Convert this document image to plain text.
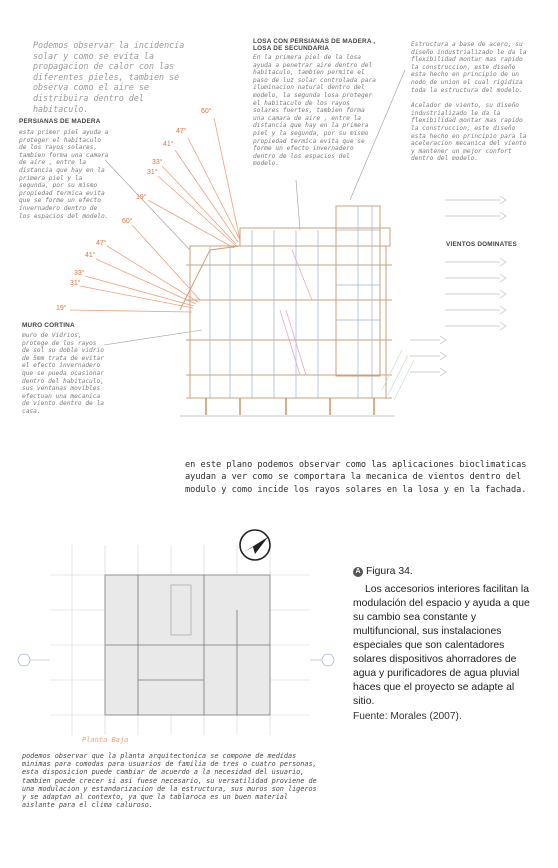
Podemos observar la incidencia solar y como se evita la propagacion de calor con las diferentes pieles, tambien se observa como el aire se distribuira dentro del habitaculo.
PERSIANAS DE MADERA
esta primer piel ayuda a proteger el habitaculo de los rayos solares, tambien forma una camara de aire , entre la distancia que hay en la primera piel y la segunda, por su mismo propiedad termica evita que se forme un efecto invernadero dentro de los espacios del modelo.
LOSA CON PERSIANAS DE MADERA , LOSA DE SECUNDARIA
En la primera piel de la losa ayuda a penetrar aire dentro del habitaculo, tambien permite el paso de luz solar controlada para iluminacion natural dentro del modelo, la segunda losa proteger el habitaculo de los rayos solares fuertes, tambien forma una camara de aire , entre la distancia que hay en la primera piel y la segunda, por su mismo propiedad termica evita que se forme un efecto invernadero dentro de los espacios del modelo.
Estructura a base de acero, su diseño industrializado le da la flexibilidad montar mas rapido la construccion, este diseño esta hecho en principio de un nodo de union el cual rigidiza toda la estructura del modelo.
Acelador de viento, su diseño industrializado le da la flexibilidad montar mas rapido la construccion, este diseño esta hecho en principio para la aceleracion mecanica del viento y mantener un mejor confort dentro del modelo.
MURO CORTINA
muro de Vidrios, protege de los rayos de sol su doble vidrio de 5mm trata de evitar el efecto invernadero que se pueda ocasionar dentro del habitaculo, sus ventanas movibles efectuan una mecanica de viento dentro de la casa.
VIENTOS DOMINATES
60°
47°
41°
33°
31°
19°
60°
47°
41°
33°
31°
19°
en este plano podemos observar como las aplicaciones bioclimaticas ayudan a ver como se comportara la mecanica de vientos dentro del modulo y como incide los rayos solares en la losa y en la fachada.
Planta Baja
podemos observar que la planta arquitectonica se compone de medidas minimas para comodas para usuarios de familia de tres o cuatro personas, esta disposicion puede cambiar de acuerdo a la necesidad del usuario, tambien puede crecer si asi fuese necesario, su versatilidad proviene de una modulacion y estandarizacion de la estructura, sus muros son ligeros y se adaptan al contexto, ya que la tablaroca es un buen material aislante para el clima caluroso.
A Figura 34.
Los accesorios interiores facilitan la modulación del espacio y ayuda a que su cambio sea constante y multifuncional, sus instalaciones especiales que son calentadores solares dispositivos ahorradores de agua y purificadores de agua pluvial haces que el proyecto se adapte al sitio.
Fuente: Morales (2007).
